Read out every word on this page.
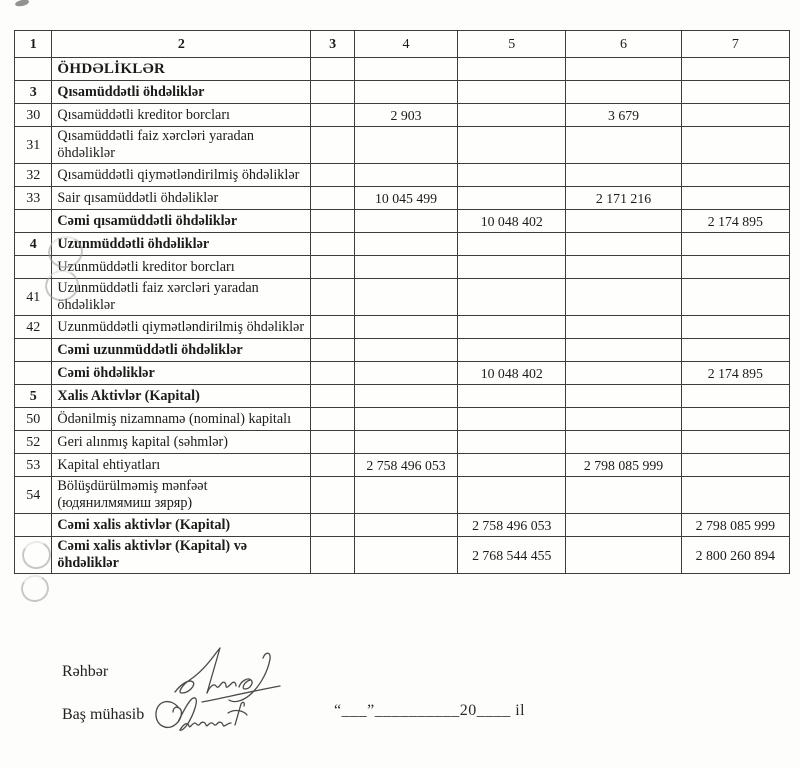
1	2	3	4	5	6	7
	ÖHDƏLİKLƏR					
3	Qısamüddətli öhdəliklər					
30	Qısamüddətli kreditor borcları		2 903		3 679	
31	Qısamüddətli faiz xərcləri yaradan öhdəliklər					
32	Qısamüddətli qiymətləndirilmiş öhdəliklər					
33	Sair qısamüddətli öhdəliklər		10 045 499		2 171 216	
	Cəmi qısamüddətli öhdəliklər			10 048 402		2 174 895
4	Uzunmüddətli öhdəliklər					
	Uzunmüddətli kreditor borcları					
41	Uzunmüddətli faiz xərcləri yaradan öhdəliklər					
42	Uzunmüddətli qiymətləndirilmiş öhdəliklər					
	Cəmi uzunmüddətli öhdəliklər					
	Cəmi öhdəliklər			10 048 402		2 174 895
5	Xalis Aktivlər (Kapital)					
50	Ödənilmiş nizamnamə (nominal) kapitalı					
52	Geri alınmış kapital (səhmlər)					
53	Kapital ehtiyatları		2 758 496 053		2 798 085 999	
54	Bölüşdürülməmiş mənfəət
(юдянилмямиш зяряр)					
	Cəmi xalis aktivlər (Kapital)			2 758 496 053		2 798 085 999
	Cəmi xalis aktivlər (Kapital) və öhdəliklər			2 768 544 455		2 800 260 894
Rəhbər
Baş mühasib	“___”__________20____ il
